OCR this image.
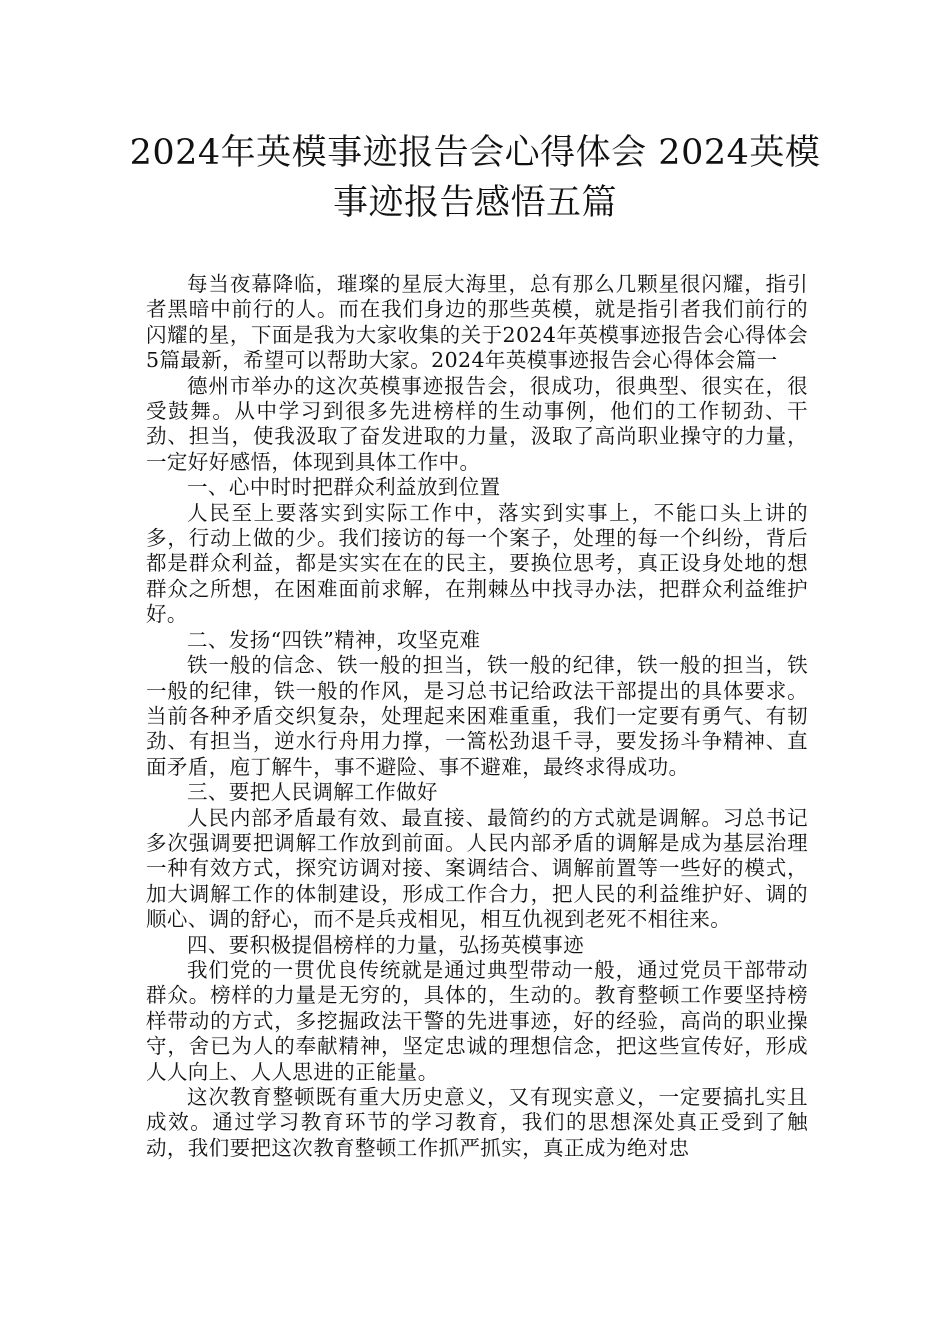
2024年英模事迹报告会心得体会 2024英模事迹报告感悟五篇

每当夜幕降临，璀璨的星辰大海里，总有那么几颗星很闪耀，指引者黑暗中前行的人。而在我们身边的那些英模，就是指引者我们前行的闪耀的星，下面是我为大家收集的关于2024年英模事迹报告会心得体会5篇最新，希望可以帮助大家。2024年英模事迹报告会心得体会篇一

德州市举办的这次英模事迹报告会，很成功，很典型、很实在，很受鼓舞。从中学习到很多先进榜样的生动事例，他们的工作韧劲、干劲、担当，使我汲取了奋发进取的力量，汲取了高尚职业操守的力量，一定好好感悟，体现到具体工作中。

一、心中时时把群众利益放到位置

人民至上要落实到实际工作中，落实到实事上，不能口头上讲的多，行动上做的少。我们接访的每一个案子，处理的每一个纠纷，背后都是群众利益，都是实实在在的民主，要换位思考，真正设身处地的想群众之所想，在困难面前求解，在荆棘丛中找寻办法，把群众利益维护好。

二、发扬“四铁”精神，攻坚克难

铁一般的信念、铁一般的担当，铁一般的纪律，铁一般的担当，铁一般的纪律，铁一般的作风，是习总书记给政法干部提出的具体要求。当前各种矛盾交织复杂，处理起来困难重重，我们一定要有勇气、有韧劲、有担当，逆水行舟用力撑，一篙松劲退千寻，要发扬斗争精神、直面矛盾，庖丁解牛，事不避险、事不避难，最终求得成功。

三、要把人民调解工作做好

人民内部矛盾最有效、最直接、最简约的方式就是调解。习总书记多次强调要把调解工作放到前面。人民内部矛盾的调解是成为基层治理一种有效方式，探究访调对接、案调结合、调解前置等一些好的模式，加大调解工作的体制建设，形成工作合力，把人民的利益维护好、调的顺心、调的舒心，而不是兵戎相见，相互仇视到老死不相往来。

四、要积极提倡榜样的力量，弘扬英模事迹

我们党的一贯优良传统就是通过典型带动一般，通过党员干部带动群众。榜样的力量是无穷的，具体的，生动的。教育整顿工作要坚持榜样带动的方式，多挖掘政法干警的先进事迹，好的经验，高尚的职业操守，舍已为人的奉献精神，坚定忠诚的理想信念，把这些宣传好，形成人人向上、人人思进的正能量。

这次教育整顿既有重大历史意义，又有现实意义，一定要搞扎实且成效。通过学习教育环节的学习教育，我们的思想深处真正受到了触动，我们要把这次教育整顿工作抓严抓实，真正成为绝对忠
